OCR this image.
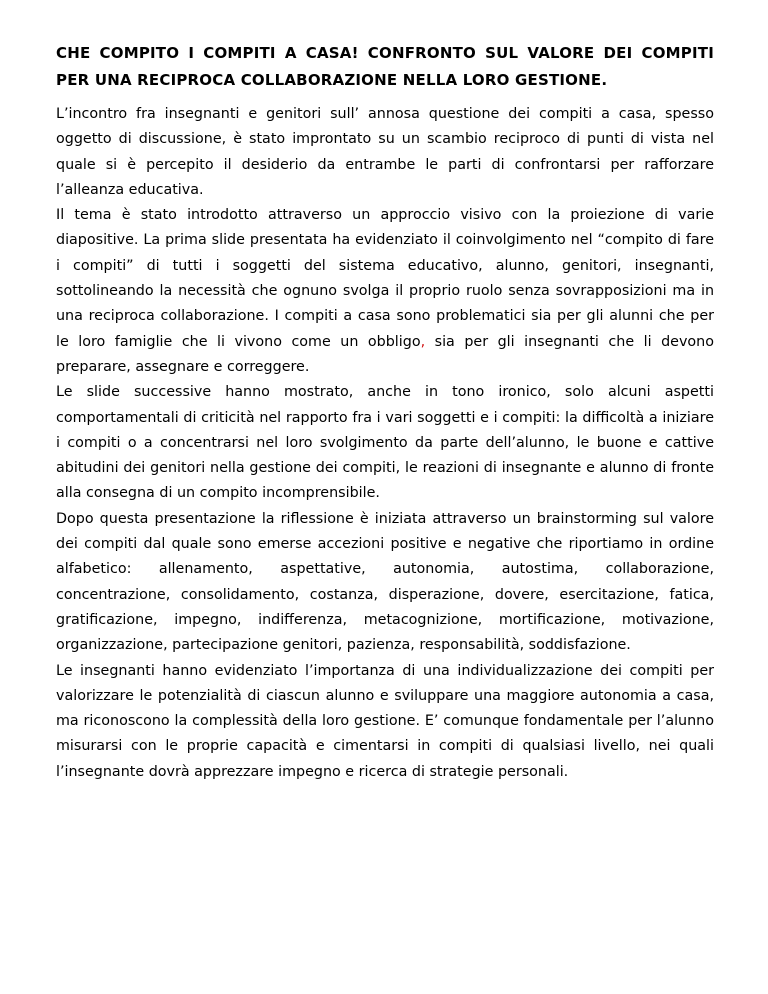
CHE COMPITO I COMPITI A CASA! CONFRONTO SUL VALORE DEI COMPITI PER UNA RECIPROCA COLLABORAZIONE NELLA LORO GESTIONE.

L’incontro fra insegnanti e genitori sull’ annosa questione dei compiti a casa, spesso oggetto di discussione, è stato improntato su un scambio reciproco di punti di vista nel quale si è percepito il desiderio da entrambe le parti di confrontarsi per rafforzare l’alleanza educativa.

Il tema è stato introdotto attraverso un approccio visivo con la proiezione di varie diapositive. La prima slide presentata ha evidenziato il coinvolgimento nel “compito di fare i compiti” di tutti i soggetti del sistema educativo, alunno, genitori, insegnanti, sottolineando la necessità che ognuno svolga il proprio ruolo senza sovrapposizioni ma in una reciproca collaborazione. I compiti a casa sono problematici sia per gli alunni che per le loro famiglie che li vivono come un obbligo, sia per gli insegnanti che li devono preparare, assegnare e correggere.

Le slide successive hanno mostrato, anche in tono ironico, solo alcuni aspetti comportamentali di criticità nel rapporto fra i vari soggetti e i compiti: la difficoltà a iniziare i compiti o a concentrarsi nel loro svolgimento da parte dell’alunno, le buone e cattive abitudini dei genitori nella gestione dei compiti, le reazioni di insegnante e alunno di fronte alla consegna di un compito incomprensibile.

Dopo questa presentazione la riflessione è iniziata attraverso un brainstorming sul valore dei compiti dal quale sono emerse accezioni positive e negative che riportiamo in ordine alfabetico: allenamento, aspettative, autonomia, autostima, collaborazione, concentrazione, consolidamento, costanza, disperazione, dovere, esercitazione, fatica, gratificazione, impegno, indifferenza, metacognizione, mortificazione, motivazione, organizzazione, partecipazione genitori, pazienza, responsabilità, soddisfazione.

Le insegnanti hanno evidenziato l’importanza di una individualizzazione dei compiti per valorizzare le potenzialità di ciascun alunno e sviluppare una maggiore autonomia a casa, ma riconoscono la complessità della loro gestione. E’ comunque fondamentale per l’alunno misurarsi con le proprie capacità e cimentarsi in compiti di qualsiasi livello, nei quali l’insegnante dovrà apprezzare impegno e ricerca di strategie personali.
